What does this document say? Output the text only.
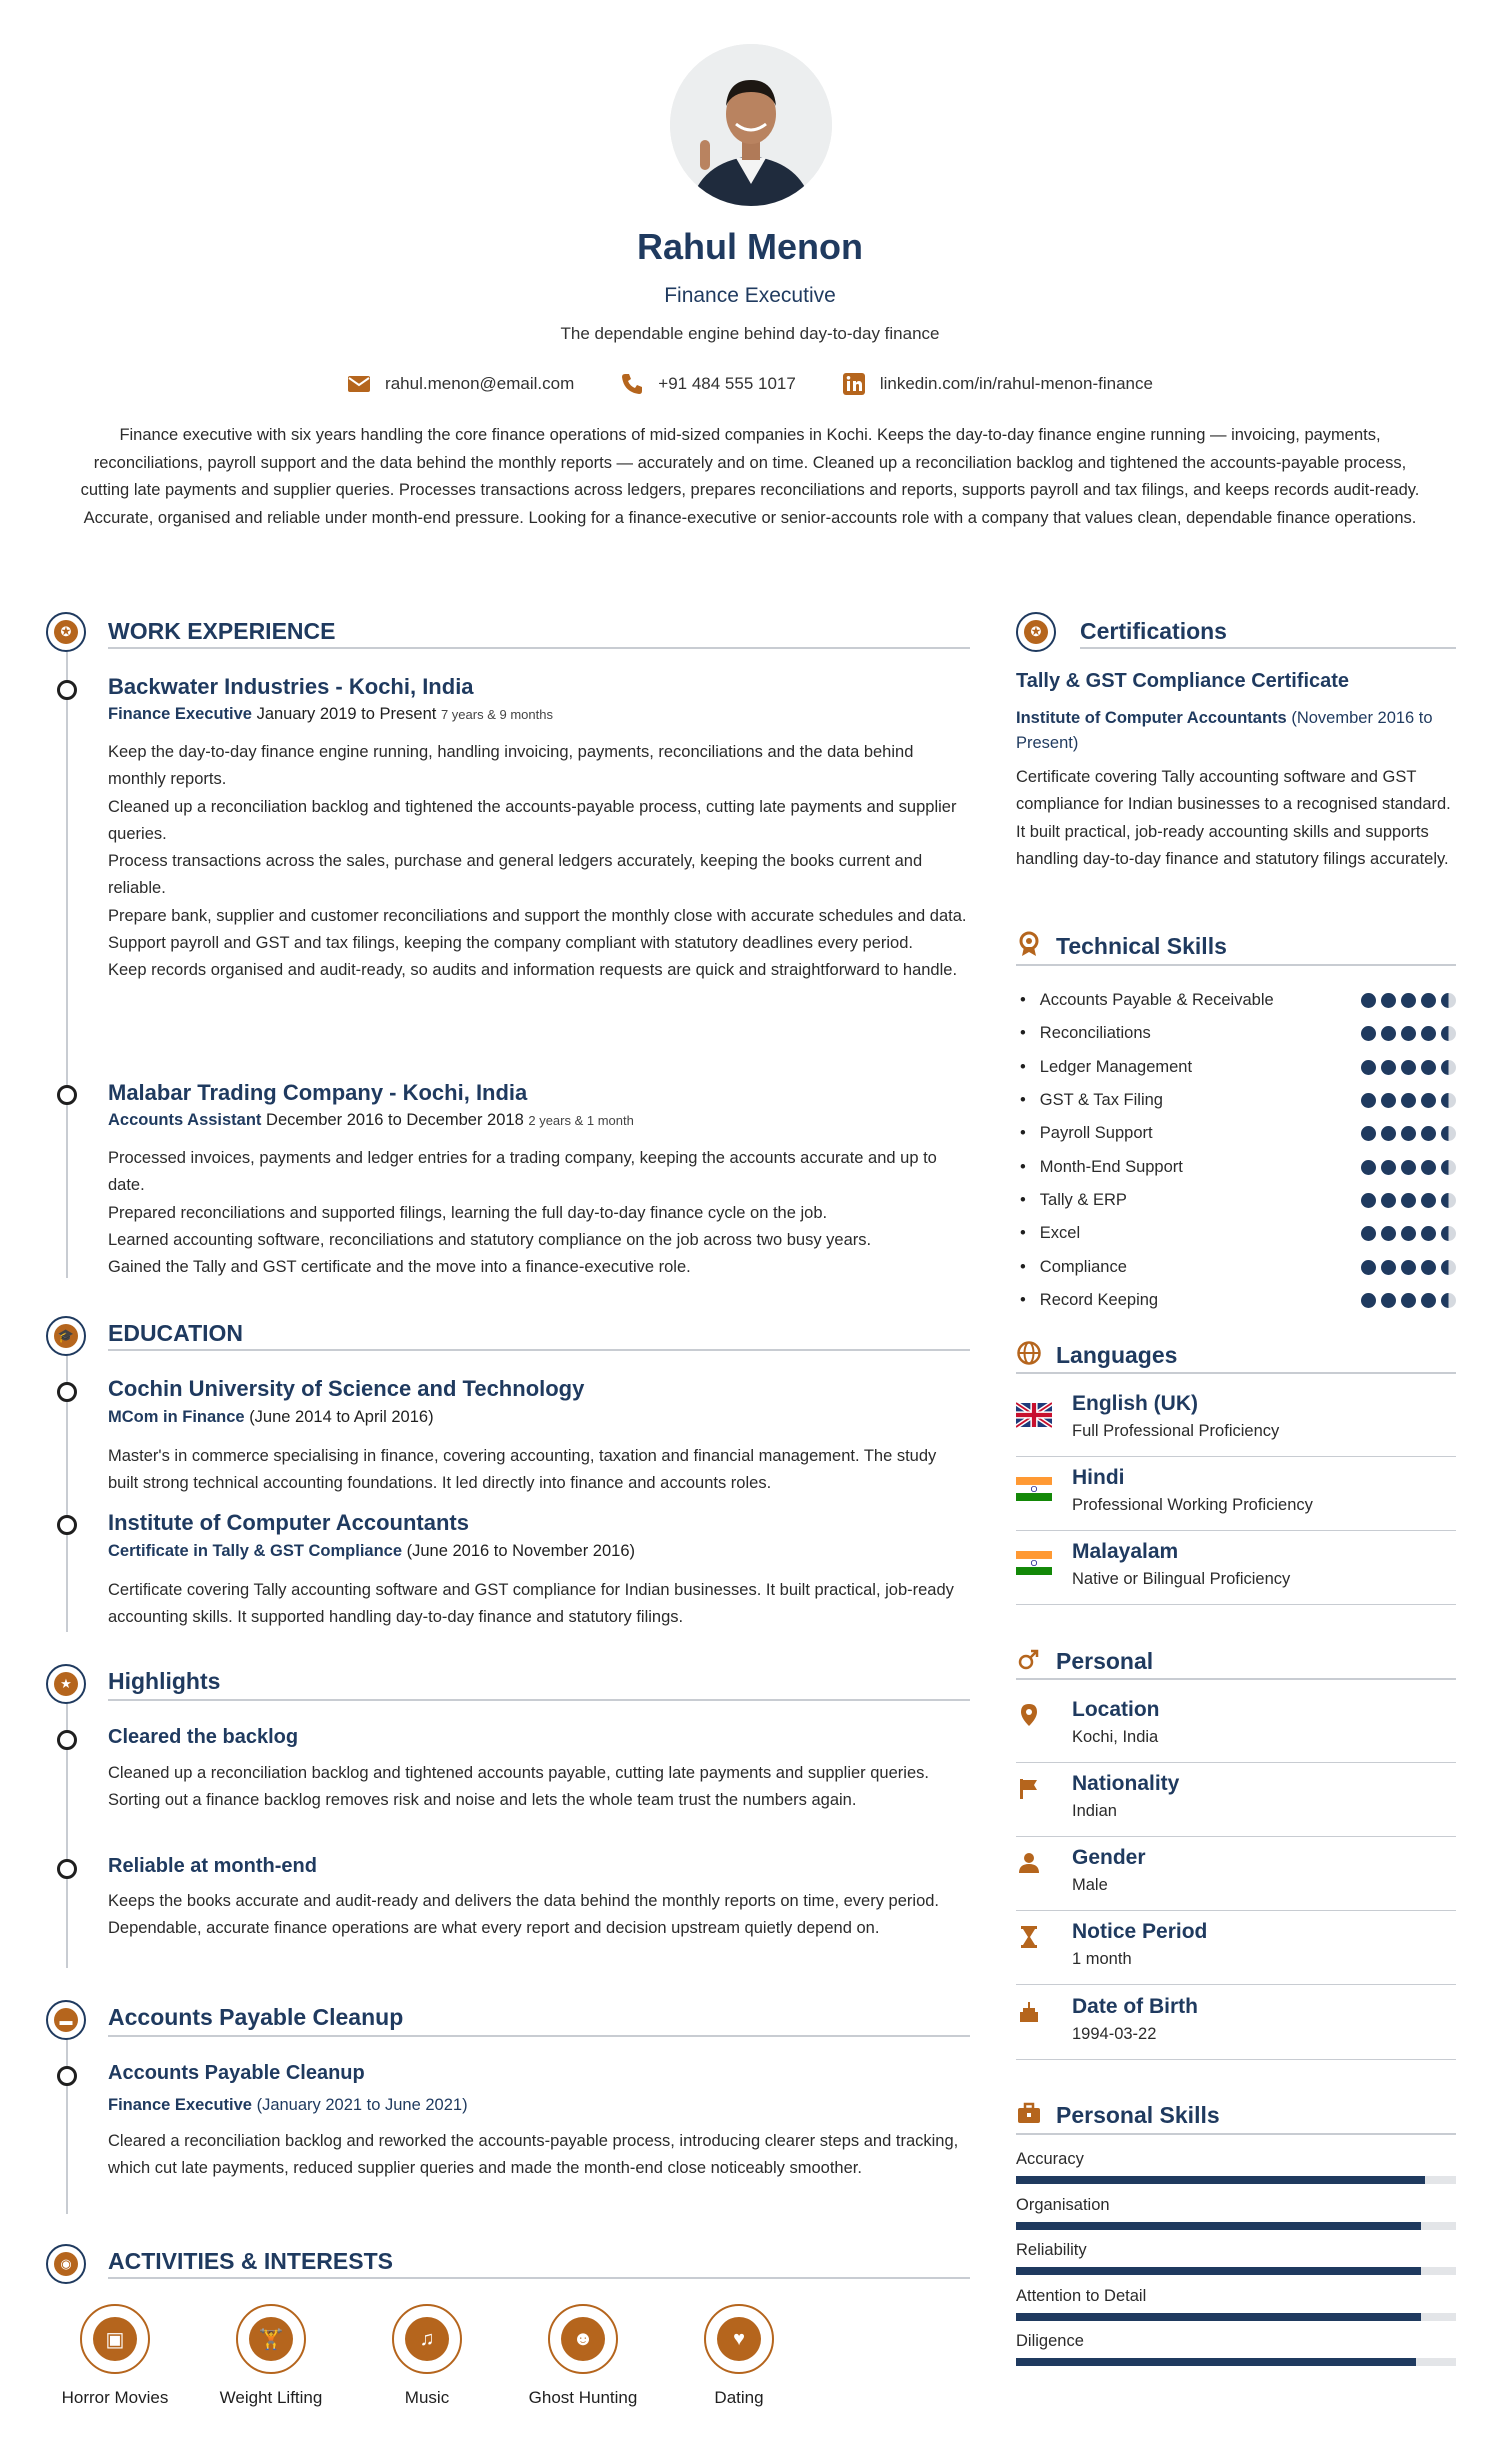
Rahul Menon
Finance Executive
The dependable engine behind day-to-day finance
rahul.menon@email.com	+91 484 555 1017	linkedin.com/in/rahul-menon-finance
Finance executive with six years handling the core finance operations of mid-sized companies in Kochi. Keeps the day-to-day finance engine running — invoicing, payments, reconciliations, payroll support and the data behind the monthly reports — accurately and on time. Cleaned up a reconciliation backlog and tightened the accounts-payable process, cutting late payments and supplier queries. Processes transactions across ledgers, prepares reconciliations and reports, supports payroll and tax filings, and keeps records audit-ready. Accurate, organised and reliable under month-end pressure. Looking for a finance-executive or senior-accounts role with a company that values clean, dependable finance operations.
✪ WORK EXPERIENCE
Backwater Industries - Kochi, India
Finance Executive January 2019 to Present 7 years & 9 months

Keep the day-to-day finance engine running, handling invoicing, payments, reconciliations and the data behind monthly reports.

Cleaned up a reconciliation backlog and tightened the accounts-payable process, cutting late payments and supplier queries.

Process transactions across the sales, purchase and general ledgers accurately, keeping the books current and reliable.

Prepare bank, supplier and customer reconciliations and support the monthly close with accurate schedules and data.

Support payroll and GST and tax filings, keeping the company compliant with statutory deadlines every period.

Keep records organised and audit-ready, so audits and information requests are quick and straightforward to handle.

Malabar Trading Company - Kochi, India
Accounts Assistant December 2016 to December 2018 2 years & 1 month

Processed invoices, payments and ledger entries for a trading company, keeping the accounts accurate and up to date.

Prepared reconciliations and supported filings, learning the full day-to-day finance cycle on the job.

Learned accounting software, reconciliations and statutory compliance on the job across two busy years.

Gained the Tally and GST certificate and the move into a finance-executive role.

🎓 EDUCATION
Cochin University of Science and Technology
MCom in Finance (June 2014 to April 2016)
Master's in commerce specialising in finance, covering accounting, taxation and financial management. The study built strong technical accounting foundations. It led directly into finance and accounts roles.
Institute of Computer Accountants
Certificate in Tally & GST Compliance (June 2016 to November 2016)
Certificate covering Tally accounting software and GST compliance for Indian businesses. It built practical, job-ready accounting skills. It supported handling day-to-day finance and statutory filings.
★ Highlights
Cleared the backlog
Cleaned up a reconciliation backlog and tightened accounts payable, cutting late payments and supplier queries. Sorting out a finance backlog removes risk and noise and lets the whole team trust the numbers again.
Reliable at month-end
Keeps the books accurate and audit-ready and delivers the data behind the monthly reports on time, every period. Dependable, accurate finance operations are what every report and decision upstream quietly depend on.
▬ Accounts Payable Cleanup
Accounts Payable Cleanup
Finance Executive (January 2021 to June 2021)
Cleared a reconciliation backlog and reworked the accounts-payable process, introducing clearer steps and tracking, which cut late payments, reduced supplier queries and made the month-end close noticeably smoother.
◉ ACTIVITIES & INTERESTS
▣
Horror Movies
🏋
Weight Lifting
♫
Music
☻
Ghost Hunting
♥
Dating
✪ Certifications
Tally & GST Compliance Certificate
Institute of Computer Accountants (November 2016 to Present)
Certificate covering Tally accounting software and GST compliance for Indian businesses to a recognised standard. It built practical, job-ready accounting skills and supports handling day-to-day finance and statutory filings accurately.
Technical Skills
• Accounts Payable & Receivable
• Reconciliations
• Ledger Management
• GST & Tax Filing
• Payroll Support
• Month-End Support
• Tally & ERP
• Excel
• Compliance
• Record Keeping
Languages
English (UK)
Full Professional Proficiency
Hindi
Professional Working Proficiency
Malayalam
Native or Bilingual Proficiency
Personal
Location
Kochi, India
Nationality
Indian
Gender
Male
Notice Period
1 month
Date of Birth
1994-03-22
Personal Skills
Accuracy
Organisation
Reliability
Attention to Detail
Diligence
